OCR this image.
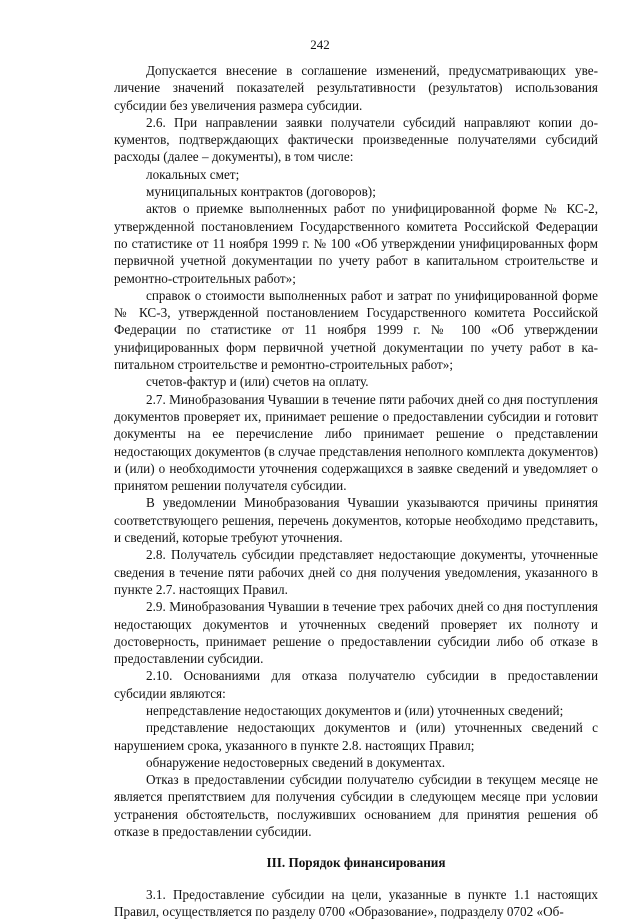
242

Допускается внесение в соглашение изменений, предусматривающих увеличение значений показателей результативности (результатов) использования субсидии без увеличения размера субсидии.

2.6. При направлении заявки получатели субсидий направляют копии документов, подтверждающих фактически произведенные получателями субсидий расходы (далее – документы), в том числе:

локальных смет;

муниципальных контрактов (договоров);

актов о приемке выполненных работ по унифицированной форме № КС-2, утвержденной постановлением Государственного комитета Российской Федерации по статистике от 11 ноября 1999 г. № 100 «Об утверждении унифицированных форм первичной учетной документации по учету работ в капитальном строительстве и ремонтно-строительных работ»;

справок о стоимости выполненных работ и затрат по унифицированной форме № КС-3, утвержденной постановлением Государственного комитета Российской Федерации по статистике от 11 ноября 1999 г. № 100 «Об утверждении унифицированных форм первичной учетной документации по учету работ в капитальном строительстве и ремонтно-строительных работ»;

счетов-фактур и (или) счетов на оплату.

2.7. Минобразования Чувашии в течение пяти рабочих дней со дня поступления документов проверяет их, принимает решение о предоставлении субсидии и готовит документы на ее перечисление либо принимает решение о представлении недостающих документов (в случае представления неполного комплекта документов) и (или) о необходимости уточнения содержащихся в заявке сведений и уведомляет о принятом решении получателя субсидии.

В уведомлении Минобразования Чувашии указываются причины принятия соответствующего решения, перечень документов, которые необходимо представить, и сведений, которые требуют уточнения.

2.8. Получатель субсидии представляет недостающие документы, уточненные сведения в течение пяти рабочих дней со дня получения уведомления, указанного в пункте 2.7. настоящих Правил.

2.9. Минобразования Чувашии в течение трех рабочих дней со дня поступления недостающих документов и уточненных сведений проверяет их полноту и достоверность, принимает решение о предоставлении субсидии либо об отказе в предоставлении субсидии.

2.10. Основаниями для отказа получателю субсидии в предоставлении субсидии являются:

непредставление недостающих документов и (или) уточненных сведений;

представление недостающих документов и (или) уточненных сведений с нарушением срока, указанного в пункте 2.8. настоящих Правил;

обнаружение недостоверных сведений в документах.

Отказ в предоставлении субсидии получателю субсидии в текущем месяце не является препятствием для получения субсидии в следующем месяце при условии устранения обстоятельств, послуживших основанием для принятия решения об отказе в предоставлении субсидии.

III. Порядок финансирования

3.1. Предоставление субсидии на цели, указанные в пункте 1.1 настоящих Правил, осуществляется по разделу 0700 «Образование», подразделу 0702 «Об-
